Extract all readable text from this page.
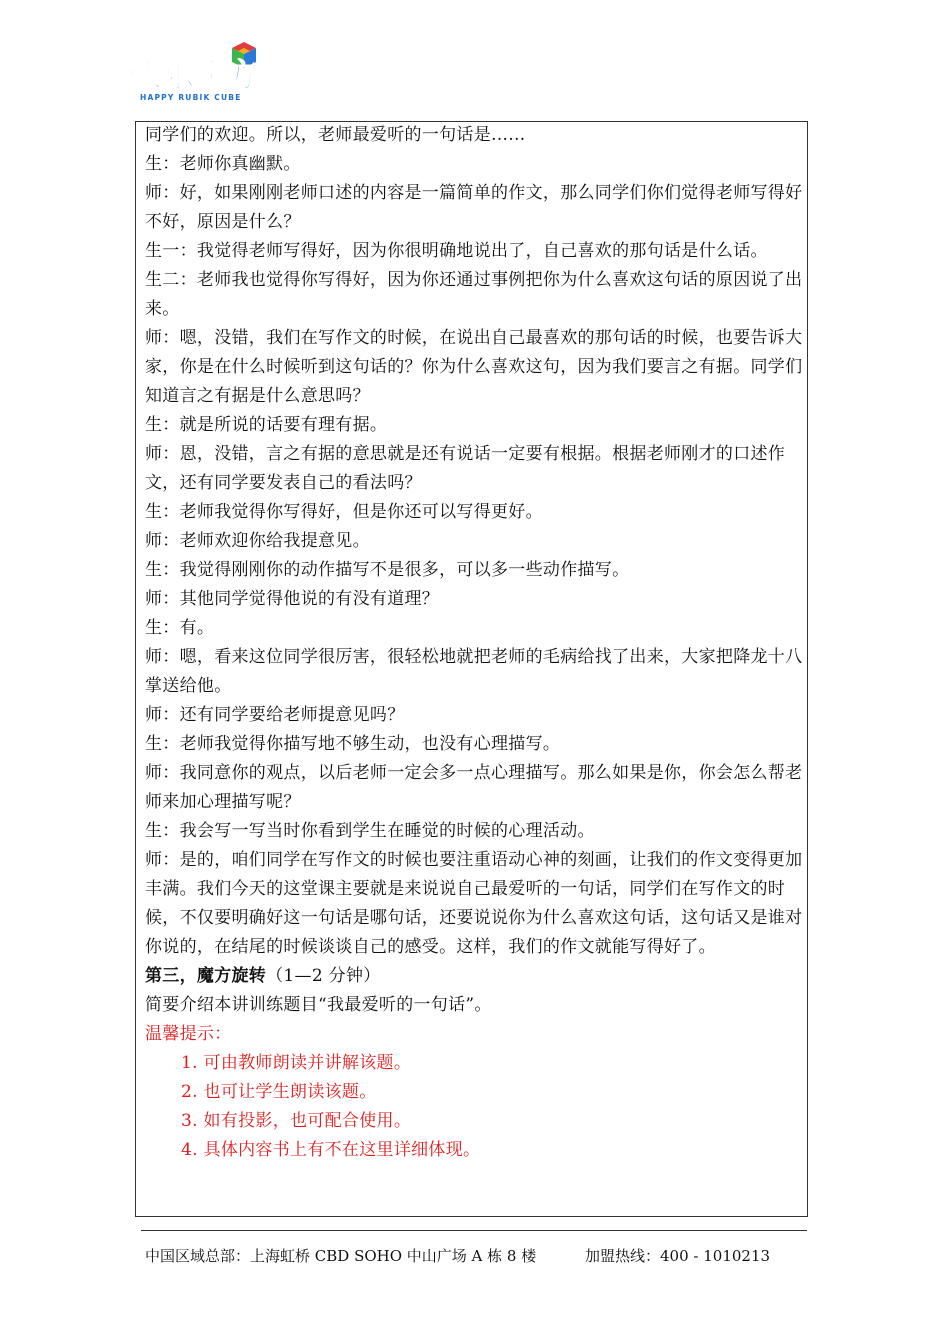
快乐魔方
HAPPY RUBIK CUBE

同学们的欢迎。所以，老师最爱听的一句话是……

生：老师你真幽默。

师：好，如果刚刚老师口述的内容是一篇简单的作文，那么同学们你们觉得老师写得好不好，原因是什么？

生一：我觉得老师写得好，因为你很明确地说出了，自己喜欢的那句话是什么话。

生二：老师我也觉得你写得好，因为你还通过事例把你为什么喜欢这句话的原因说了出来。

师：嗯，没错，我们在写作文的时候，在说出自己最喜欢的那句话的时候，也要告诉大家，你是在什么时候听到这句话的？你为什么喜欢这句，因为我们要言之有据。同学们知道言之有据是什么意思吗？

生：就是所说的话要有理有据。

师：恩，没错，言之有据的意思就是还有说话一定要有根据。根据老师刚才的口述作文，还有同学要发表自己的看法吗？

生：老师我觉得你写得好，但是你还可以写得更好。

师：老师欢迎你给我提意见。

生：我觉得刚刚你的动作描写不是很多，可以多一些动作描写。

师：其他同学觉得他说的有没有道理？

生：有。

师：嗯，看来这位同学很厉害，很轻松地就把老师的毛病给找了出来，大家把降龙十八掌送给他。

师：还有同学要给老师提意见吗？

生：老师我觉得你描写地不够生动，也没有心理描写。

师：我同意你的观点，以后老师一定会多一点心理描写。那么如果是你，你会怎么帮老师来加心理描写呢？

生：我会写一写当时你看到学生在睡觉的时候的心理活动。

师：是的，咱们同学在写作文的时候也要注重语动心神的刻画，让我们的作文变得更加丰满。我们今天的这堂课主要就是来说说自己最爱听的一句话，同学们在写作文的时候，不仅要明确好这一句话是哪句话，还要说说你为什么喜欢这句话，这句话又是谁对你说的，在结尾的时候谈谈自己的感受。这样，我们的作文就能写得好了。

第三，魔方旋转（1—2 分钟）

简要介绍本讲训练题目“我最爱听的一句话”。

温馨提示：

1. 可由教师朗读并讲解该题。
2. 也可让学生朗读该题。
3. 如有投影，也可配合使用。
4. 具体内容书上有不在这里详细体现。
中国区域总部：上海虹桥 CBD SOHO 中山广场 A 栋 8 楼	加盟热线：400 - 1010213
